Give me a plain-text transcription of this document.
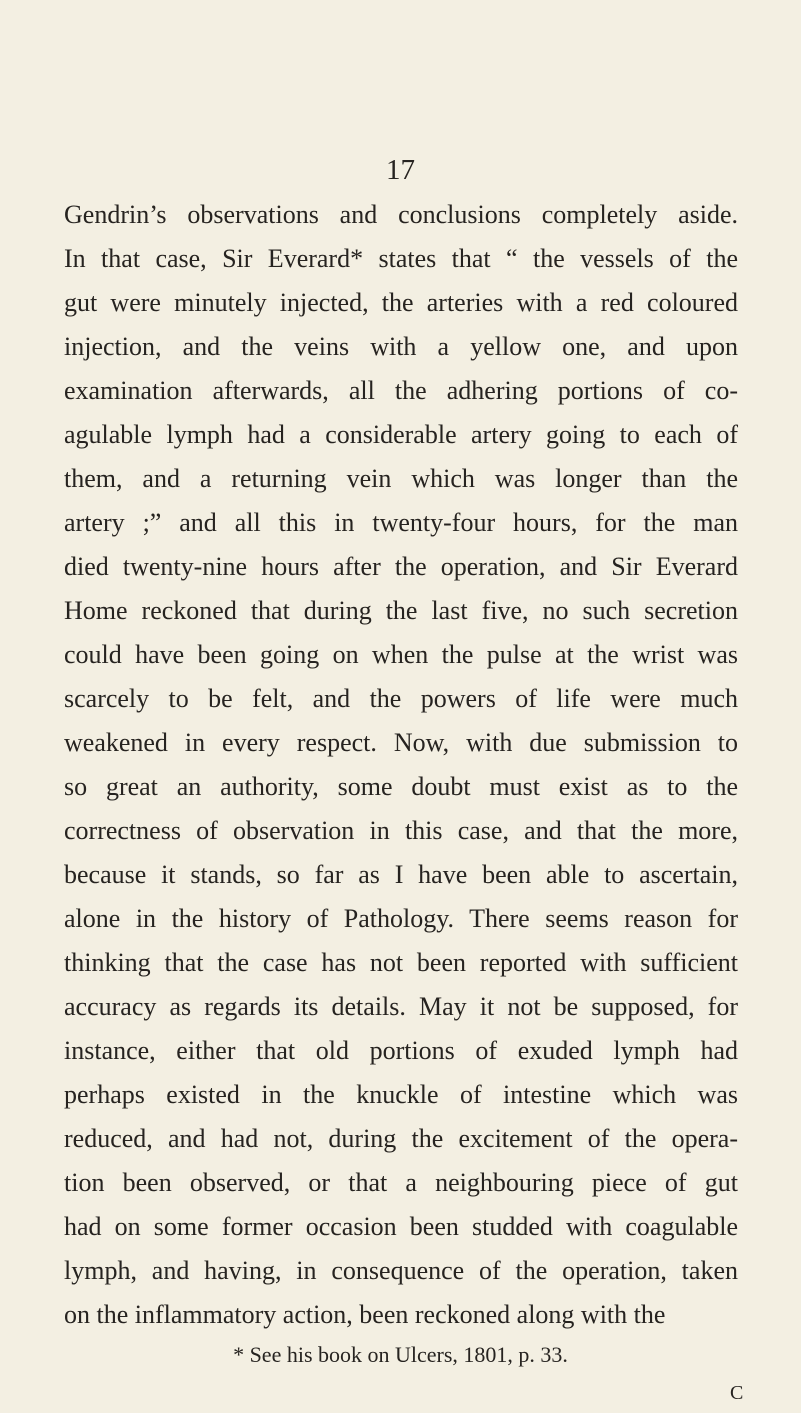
17
Gendrin’s observations and conclusions completely aside.
In that case, Sir Everard* states that “ the vessels of the
gut were minutely injected, the arteries with a red coloured
injection, and the veins with a yellow one, and upon
examination afterwards, all the adhering portions of co-
agulable lymph had a considerable artery going to each of
them, and a returning vein which was longer than the
artery ;” and all this in twenty-four hours, for the man
died twenty-nine hours after the operation, and Sir Everard
Home reckoned that during the last five, no such secretion
could have been going on when the pulse at the wrist was
scarcely to be felt, and the powers of life were much
weakened in every respect. Now, with due submission to
so great an authority, some doubt must exist as to the
correctness of observation in this case, and that the more,
because it stands, so far as I have been able to ascertain,
alone in the history of Pathology. There seems reason for
thinking that the case has not been reported with sufficient
accuracy as regards its details. May it not be supposed, for
instance, either that old portions of exuded lymph had
perhaps existed in the knuckle of intestine which was
reduced, and had not, during the excitement of the opera-
tion been observed, or that a neighbouring piece of gut
had on some former occasion been studded with coagulable
lymph, and having, in consequence of the operation, taken
on the inflammatory action, been reckoned along with the
* See his book on Ulcers, 1801, p. 33.
C
